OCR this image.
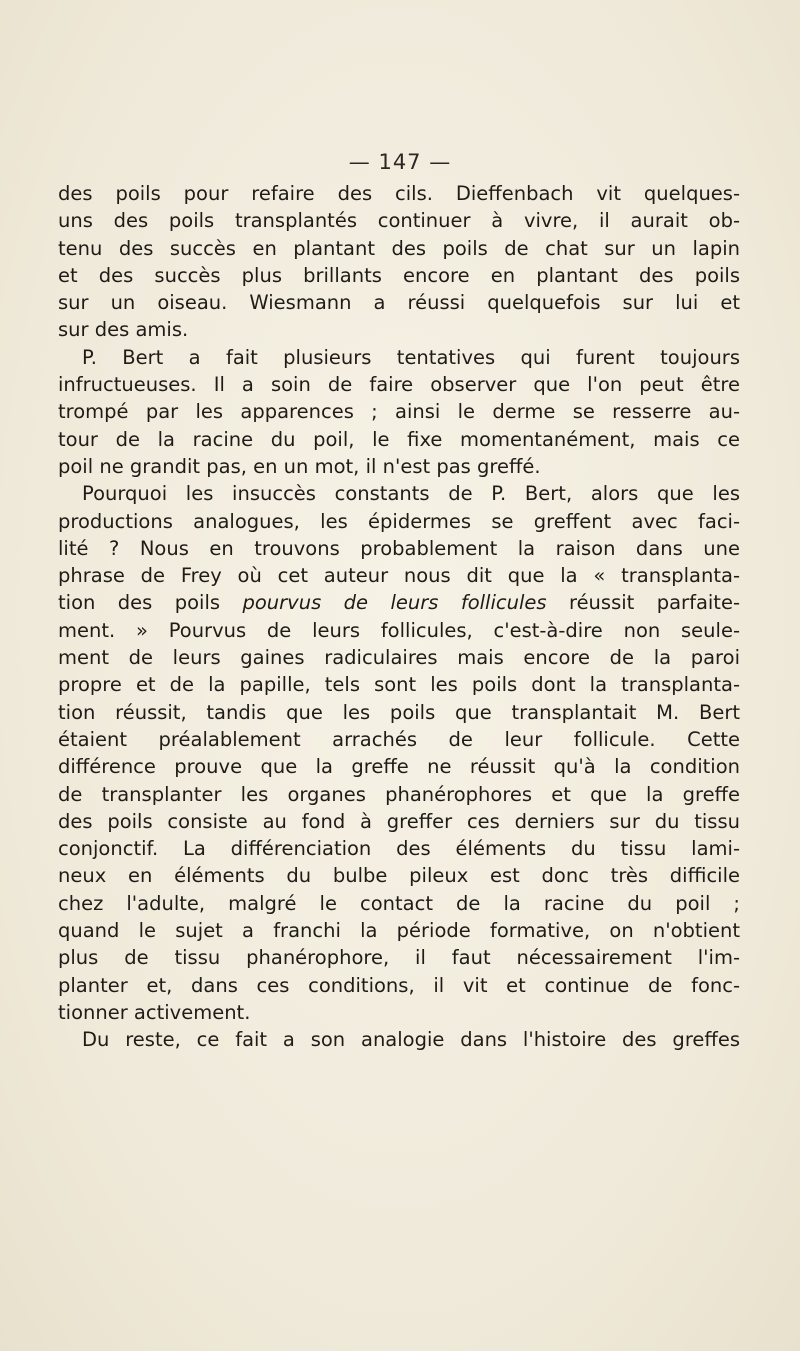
— 147 —
des poils pour refaire des cils. Dieffenbach vit quelques-
uns des poils transplantés continuer à vivre, il aurait ob-
tenu des succès en plantant des poils de chat sur un lapin
et des succès plus brillants encore en plantant des poils
sur un oiseau. Wiesmann a réussi quelquefois sur lui et
sur des amis.
P. Bert a fait plusieurs tentatives qui furent toujours
infructueuses. Il a soin de faire observer que l'on peut être
trompé par les apparences ; ainsi le derme se resserre au-
tour de la racine du poil, le fixe momentanément, mais ce
poil ne grandit pas, en un mot, il n'est pas greffé.
Pourquoi les insuccès constants de P. Bert, alors que les
productions analogues, les épidermes se greffent avec faci-
lité ? Nous en trouvons probablement la raison dans une
phrase de Frey où cet auteur nous dit que la « transplanta-
tion des poils pourvus de leurs follicules réussit parfaite-
ment. » Pourvus de leurs follicules, c'est-à-dire non seule-
ment de leurs gaines radiculaires mais encore de la paroi
propre et de la papille, tels sont les poils dont la transplanta-
tion réussit, tandis que les poils que transplantait M. Bert
étaient préalablement arrachés de leur follicule. Cette
différence prouve que la greffe ne réussit qu'à la condition
de transplanter les organes phanérophores et que la greffe
des poils consiste au fond à greffer ces derniers sur du tissu
conjonctif. La différenciation des éléments du tissu lami-
neux en éléments du bulbe pileux est donc très difficile
chez l'adulte, malgré le contact de la racine du poil ;
quand le sujet a franchi la période formative, on n'obtient
plus de tissu phanérophore, il faut nécessairement l'im-
planter et, dans ces conditions, il vit et continue de fonc-
tionner activement.
Du reste, ce fait a son analogie dans l'histoire des greffes
